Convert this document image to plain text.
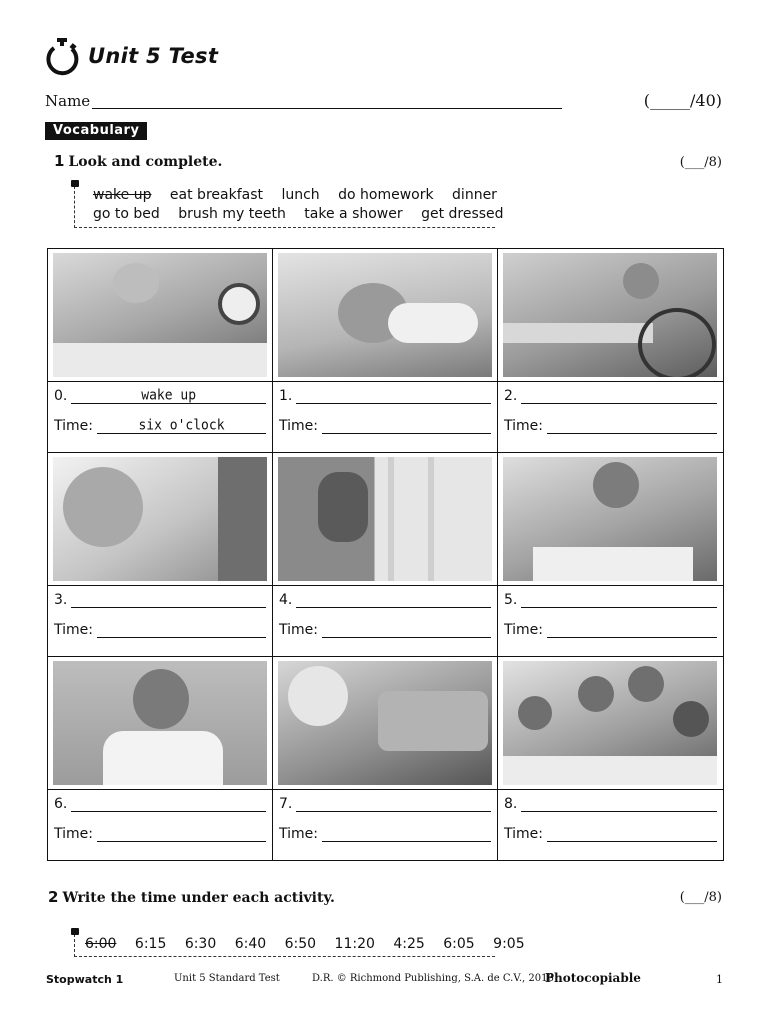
Unit 5 Test
Name	(_____/40)
Vocabulary
1 Look and complete.	(___/8)
wake up eat breakfast lunch do homework dinner
go to bed brush my teeth take a shower get dressed
0.	wake up
Time:	six o'clock
1.
Time:
2.
Time:
3.
Time:
4.
Time:
5.
Time:
6.
Time:
7.
Time:
8.
Time:
2 Write the time under each activity.	(___/8)
6:00 6:15 6:30 6:40 6:50 11:20 4:25 6:05 9:05
Stopwatch 1	Unit 5 Standard Test	D.R. © Richmond Publishing, S.A. de C.V., 2016
Photocopiable	1
